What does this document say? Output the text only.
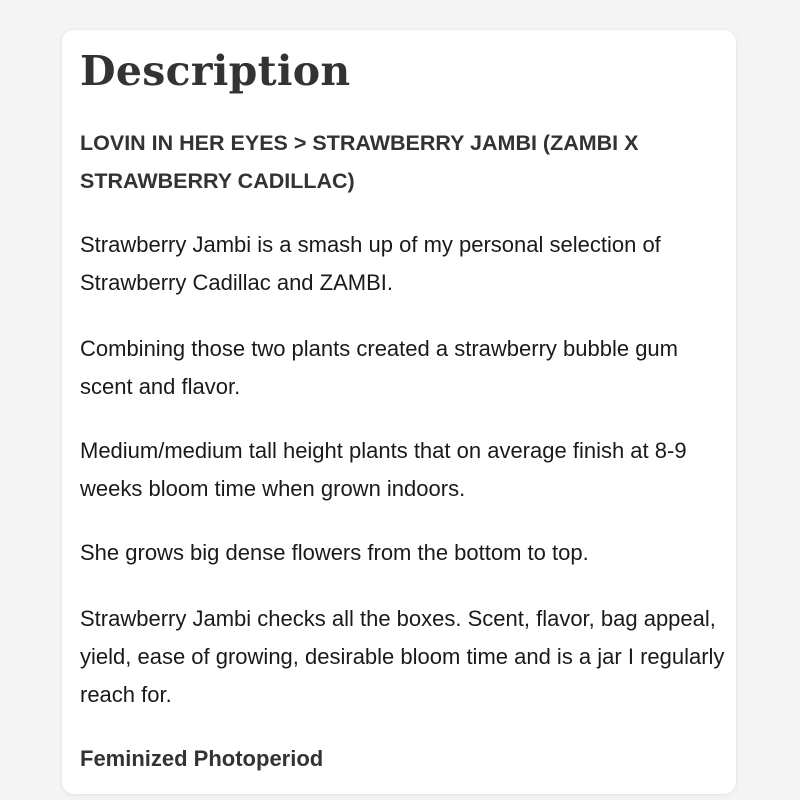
Description

LOVIN IN HER EYES > STRAWBERRY JAMBI (ZAMBI X STRAWBERRY CADILLAC)

Strawberry Jambi is a smash up of my personal selection of Strawberry Cadillac and ZAMBI.

Combining those two plants created a strawberry bubble gum scent and flavor.

Medium/medium tall height plants that on average finish at 8-9 weeks bloom time when grown indoors.

She grows big dense flowers from the bottom to top.

Strawberry Jambi checks all the boxes. Scent, flavor, bag appeal, yield, ease of growing, desirable bloom time and is a jar I regularly reach for.

Feminized Photoperiod
